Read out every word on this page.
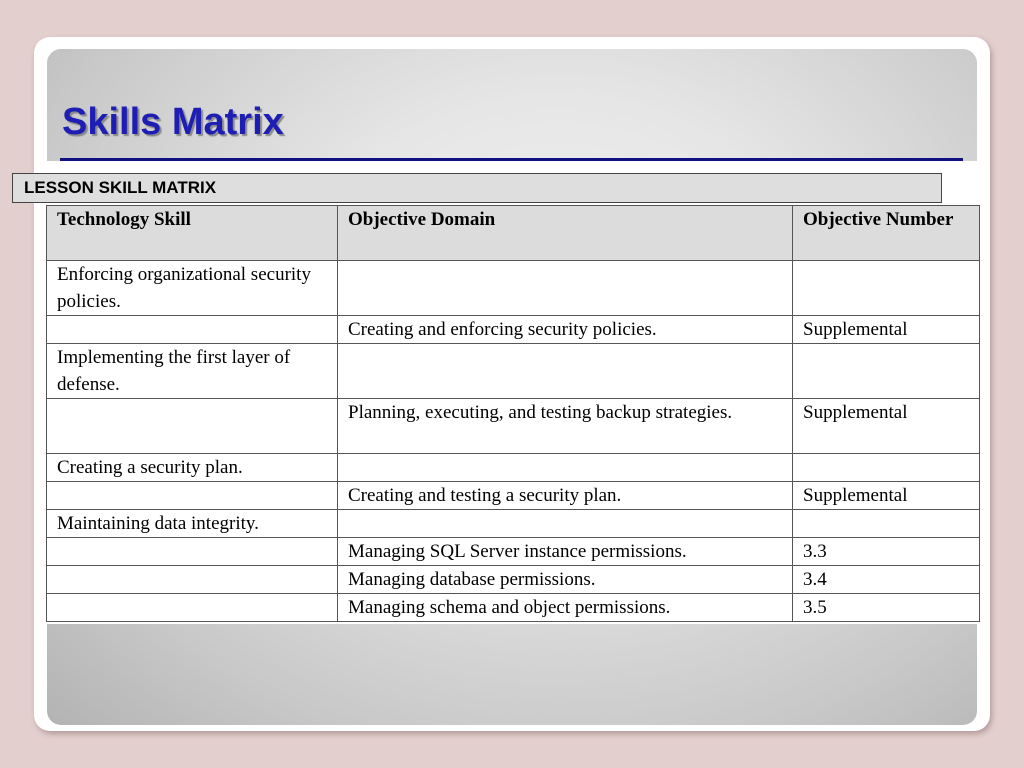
Skills Matrix
LESSON SKILL MATRIX
Technology Skill	Objective Domain	Objective Number
Enforcing organizational security policies.		
	Creating and enforcing security policies.	Supplemental
Implementing the first layer of defense.		
	Planning, executing, and testing backup strategies.	Supplemental
Creating a security plan.		
	Creating and testing a security plan.	Supplemental
Maintaining data integrity.		
	Managing SQL Server instance permissions.	3.3
	Managing database permissions.	3.4
	Managing schema and object permissions.	3.5
